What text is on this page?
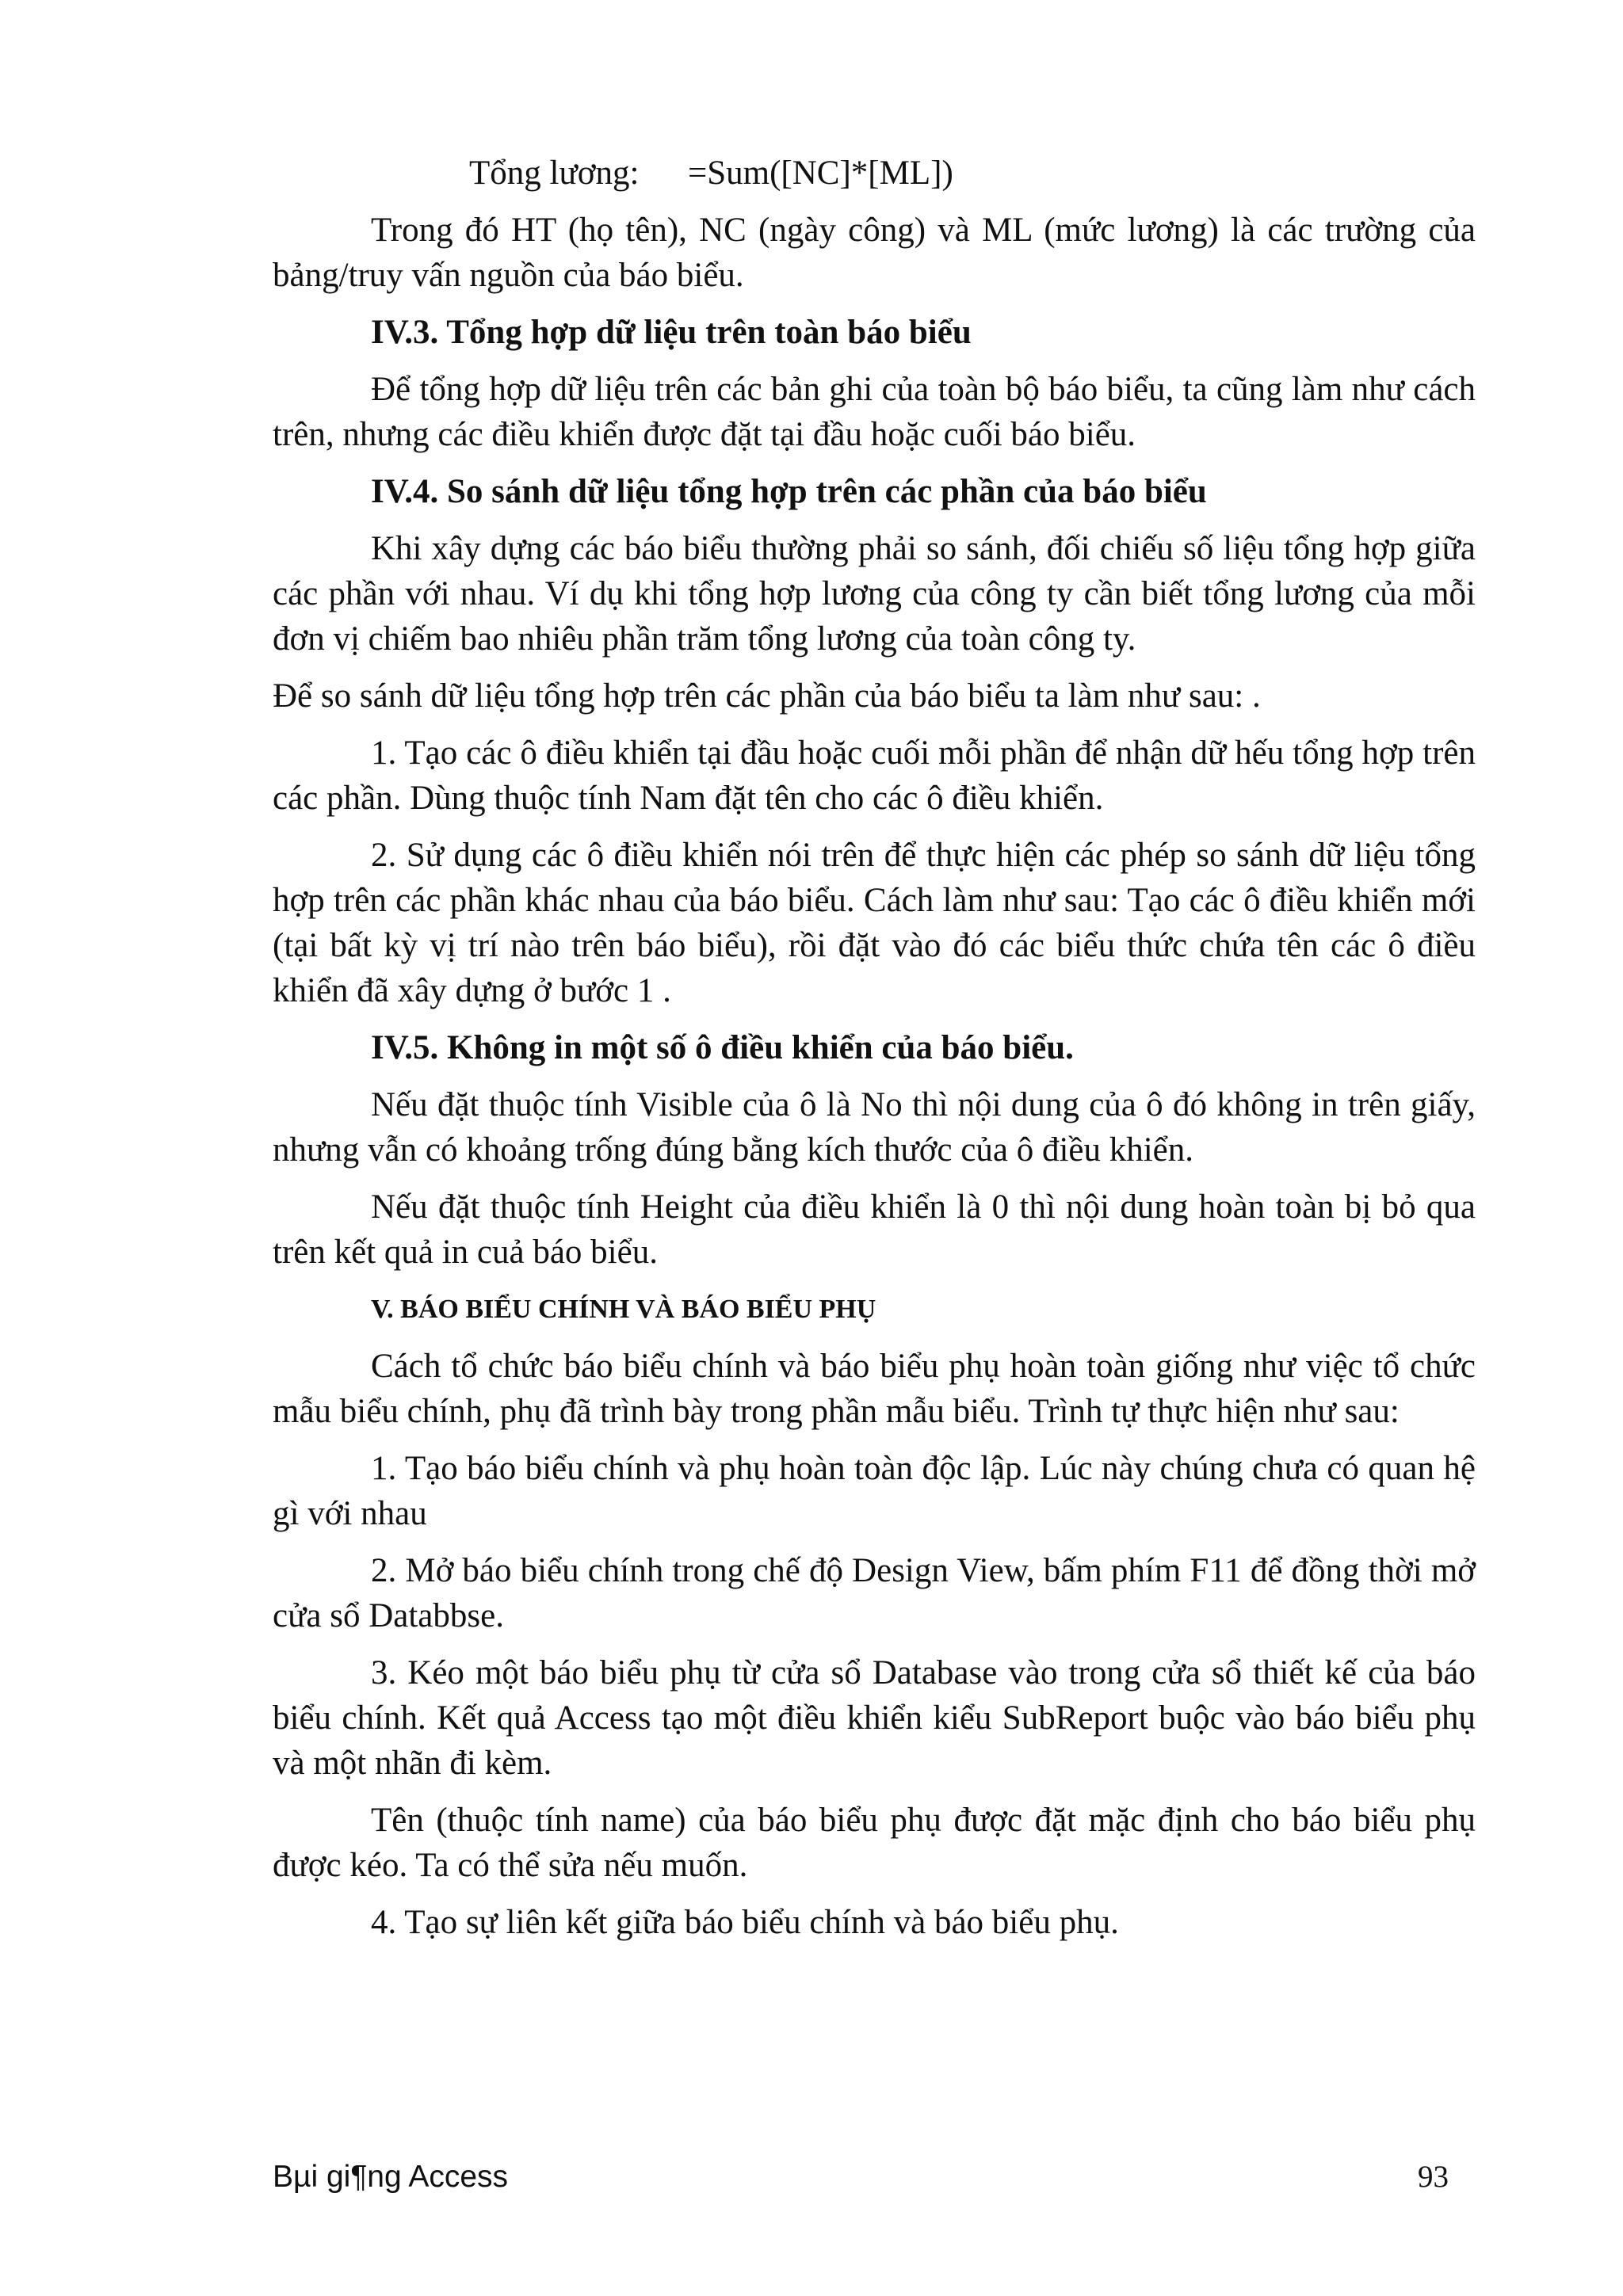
Tổng lương: =Sum([NC]*[ML])

Trong đó HT (họ tên), NC (ngày công) và ML (mức lương) là các trường của bảng/truy vấn nguồn của báo biểu.

IV.3. Tổng hợp dữ liệu trên toàn báo biểu

Để tổng hợp dữ liệu trên các bản ghi của toàn bộ báo biểu, ta cũng làm như cách trên, nhưng các điều khiển được đặt tại đầu hoặc cuối báo biểu.

IV.4. So sánh dữ liệu tổng hợp trên các phần của báo biểu

Khi xây dựng các báo biểu thường phải so sánh, đối chiếu số liệu tổng hợp giữa các phần với nhau. Ví dụ khi tổng hợp lương của công ty cần biết tổng lương của mỗi đơn vị chiếm bao nhiêu phần trăm tổng lương của toàn công ty.

Để so sánh dữ liệu tổng hợp trên các phần của báo biểu ta làm như sau: .

1. Tạo các ô điều khiển tại đầu hoặc cuối mỗi phần để nhận dữ hếu tổng hợp trên các phần. Dùng thuộc tính Nam đặt tên cho các ô điều khiển.

2. Sử dụng các ô điều khiển nói trên để thực hiện các phép so sánh dữ liệu tổng hợp trên các phần khác nhau của báo biểu. Cách làm như sau: Tạo các ô điều khiển mới (tại bất kỳ vị trí nào trên báo biểu), rồi đặt vào đó các biểu thức chứa tên các ô điều khiển đã xây dựng ở bước 1 .

IV.5. Không in một số ô điều khiển của báo biểu.

Nếu đặt thuộc tính Visible của ô là No thì nội dung của ô đó không in trên giấy, nhưng vẫn có khoảng trống đúng bằng kích thước của ô điều khiển.

Nếu đặt thuộc tính Height của điều khiển là 0 thì nội dung hoàn toàn bị bỏ qua trên kết quả in cuả báo biểu.

V. BÁO BIỂU CHÍNH VÀ BÁO BIỂU PHỤ

Cách tổ chức báo biểu chính và báo biểu phụ hoàn toàn giống như việc tổ chức mẫu biểu chính, phụ đã trình bày trong phần mẫu biểu. Trình tự thực hiện như sau:

1. Tạo báo biểu chính và phụ hoàn toàn độc lập. Lúc này chúng chưa có quan hệ gì với nhau

2. Mở báo biểu chính trong chế độ Design View, bấm phím F11 để đồng thời mở cửa sổ Databbse.

3. Kéo một báo biểu phụ từ cửa sổ Database vào trong cửa sổ thiết kế của báo biểu chính. Kết quả Access tạo một điều khiển kiểu SubReport buộc vào báo biểu phụ và một nhãn đi kèm.

Tên (thuộc tính name) của báo biểu phụ được đặt mặc định cho báo biểu phụ được kéo. Ta có thể sửa nếu muốn.

4. Tạo sự liên kết giữa báo biểu chính và báo biểu phụ.

Bµi gi¶ng Access	93
